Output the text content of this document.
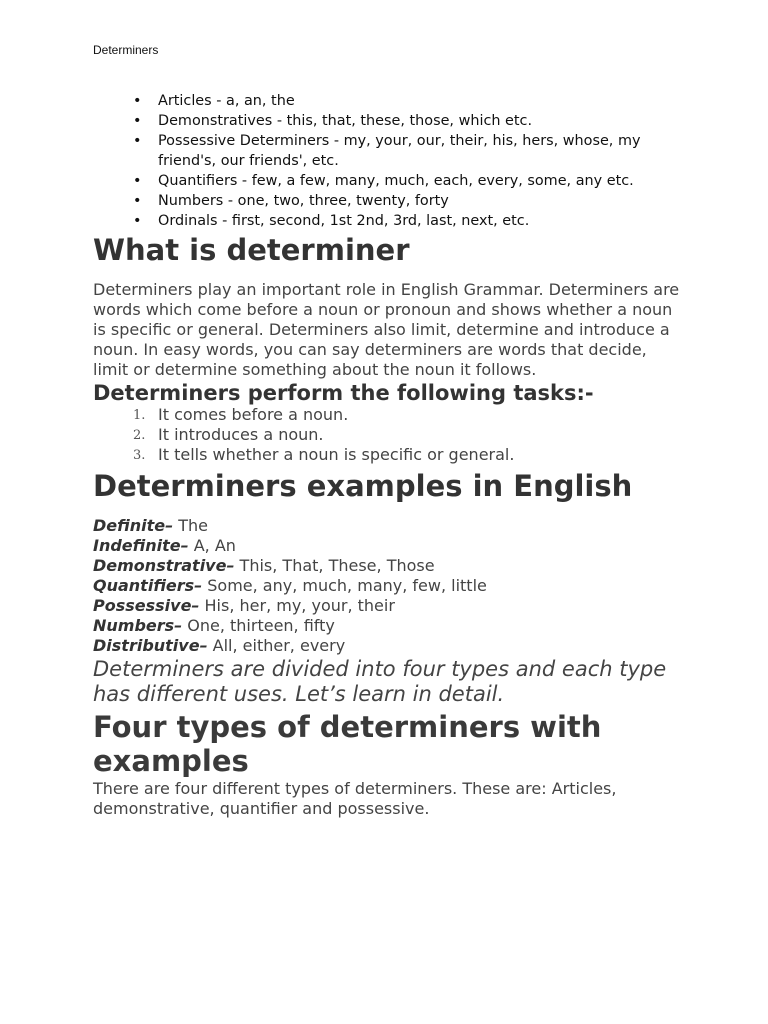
Determiners
• Articles - a, an, the
• Demonstratives - this, that, these, those, which etc.
• Possessive Determiners - my, your, our, their, his, hers, whose, my friend's, our friends', etc.
• Quantifiers - few, a few, many, much, each, every, some, any etc.
• Numbers - one, two, three, twenty, forty
• Ordinals - first, second, 1st 2nd, 3rd, last, next, etc.
What is determiner

Determiners play an important role in English Grammar. Determiners are words which come before a noun or pronoun and shows whether a noun is specific or general. Determiners also limit, determine and introduce a noun. In easy words, you can say determiners are words that decide, limit or determine something about the noun it follows.

Determiners perform the following tasks:-
1. It comes before a noun.
2. It introduces a noun.
3. It tells whether a noun is specific or general.
Determiners examples in English
Definite– The
Indefinite– A, An
Demonstrative– This, That, These, Those
Quantifiers– Some, any, much, many, few, little
Possessive– His, her, my, your, their
Numbers– One, thirteen, fifty
Distributive– All, either, every

Determiners are divided into four types and each type has different uses. Let’s learn in detail.

Four types of determiners with examples

There are four different types of determiners. These are: Articles, demonstrative, quantifier and possessive.
